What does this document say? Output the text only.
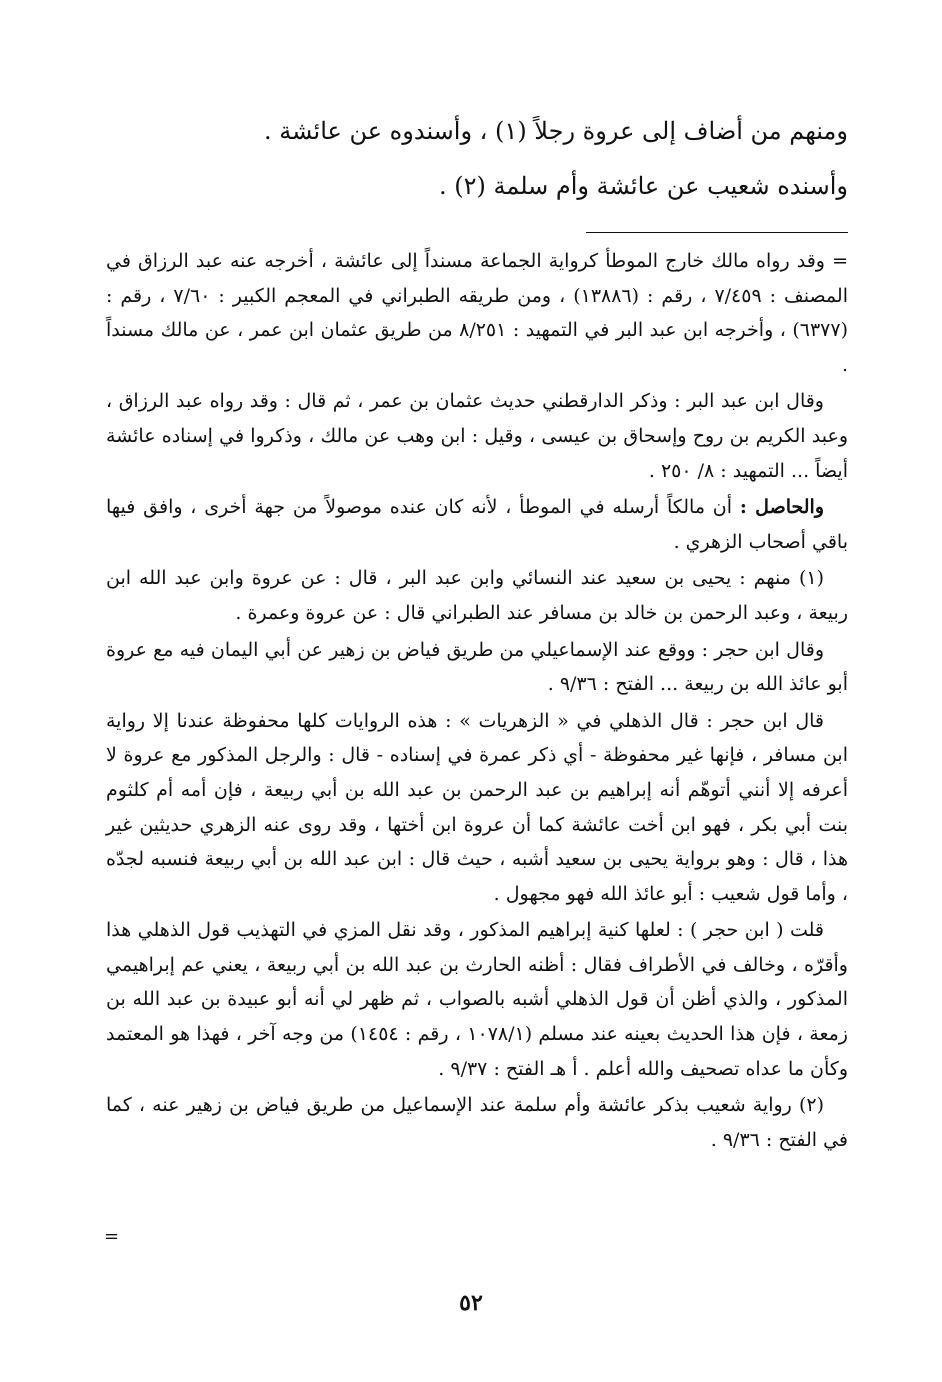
ومنهم من أضاف إلى عروة رجلاً (١) ، وأسندوه عن عائشة .

وأسنده شعيب عن عائشة وأم سلمة (٢) .

= وقد رواه مالك خارج الموطأ كرواية الجماعة مسنداً إلى عائشة ، أخرجه عنه عبد الرزاق في المصنف : ٧/٤٥٩ ، رقم : (١٣٨٨٦) ، ومن طريقه الطبراني في المعجم الكبير : ٧/٦٠ ، رقم : (٦٣٧٧) ، وأخرجه ابن عبد البر في التمهيد : ٨/٢٥١ من طريق عثمان ابن عمر ، عن مالك مسنداً .

وقال ابن عبد البر : وذكر الدارقطني حديث عثمان بن عمر ، ثم قال : وقد رواه عبد الرزاق ، وعبد الكريم بن روح وإسحاق بن عيسى ، وقيل : ابن وهب عن مالك ، وذكروا في إسناده عائشة أيضاً ... التمهيد : ٨/ ٢٥٠ .

والحاصل : أن مالكاً أرسله في الموطأ ، لأنه كان عنده موصولاً من جهة أخرى ، وافق فيها باقي أصحاب الزهري .

(١) منهم : يحيى بن سعيد عند النسائي وابن عبد البر ، قال : عن عروة وابن عبد الله ابن ربيعة ، وعبد الرحمن بن خالد بن مسافر عند الطبراني قال : عن عروة وعمرة .

وقال ابن حجر : ووقع عند الإسماعيلي من طريق فياض بن زهير عن أبي اليمان فيه مع عروة أبو عائذ الله بن ربيعة ... الفتح : ٩/٣٦ .

قال ابن حجر : قال الذهلي في « الزهريات » : هذه الروايات كلها محفوظة عندنا إلا رواية ابن مسافر ، فإنها غير محفوظة - أي ذكر عمرة في إسناده - قال : والرجل المذكور مع عروة لا أعرفه إلا أنني أتوهّم أنه إبراهيم بن عبد الرحمن بن عبد الله بن أبي ربيعة ، فإن أمه أم كلثوم بنت أبي بكر ، فهو ابن أخت عائشة كما أن عروة ابن أختها ، وقد روى عنه الزهري حديثين غير هذا ، قال : وهو برواية يحيى بن سعيد أشبه ، حيث قال : ابن عبد الله بن أبي ربيعة فنسبه لجدّه ، وأما قول شعيب : أبو عائذ الله فهو مجهول .

قلت ( ابن حجر ) : لعلها كنية إبراهيم المذكور ، وقد نقل المزي في التهذيب قول الذهلي هذا وأقرّه ، وخالف في الأطراف فقال : أظنه الحارث بن عبد الله بن أبي ربيعة ، يعني عم إبراهيمي المذكور ، والذي أظن أن قول الذهلي أشبه بالصواب ، ثم ظهر لي أنه أبو عبيدة بن عبد الله بن زمعة ، فإن هذا الحديث بعينه عند مسلم (١٠٧٨/١ ، رقم : ١٤٥٤) من وجه آخر ، فهذا هو المعتمد وكأن ما عداه تصحيف والله أعلم . أ هـ الفتح : ٩/٣٧ .

(٢) رواية شعيب بذكر عائشة وأم سلمة عند الإسماعيل من طريق فياض بن زهير عنه ، كما في الفتح : ٩/٣٦ .

=
٥٢
